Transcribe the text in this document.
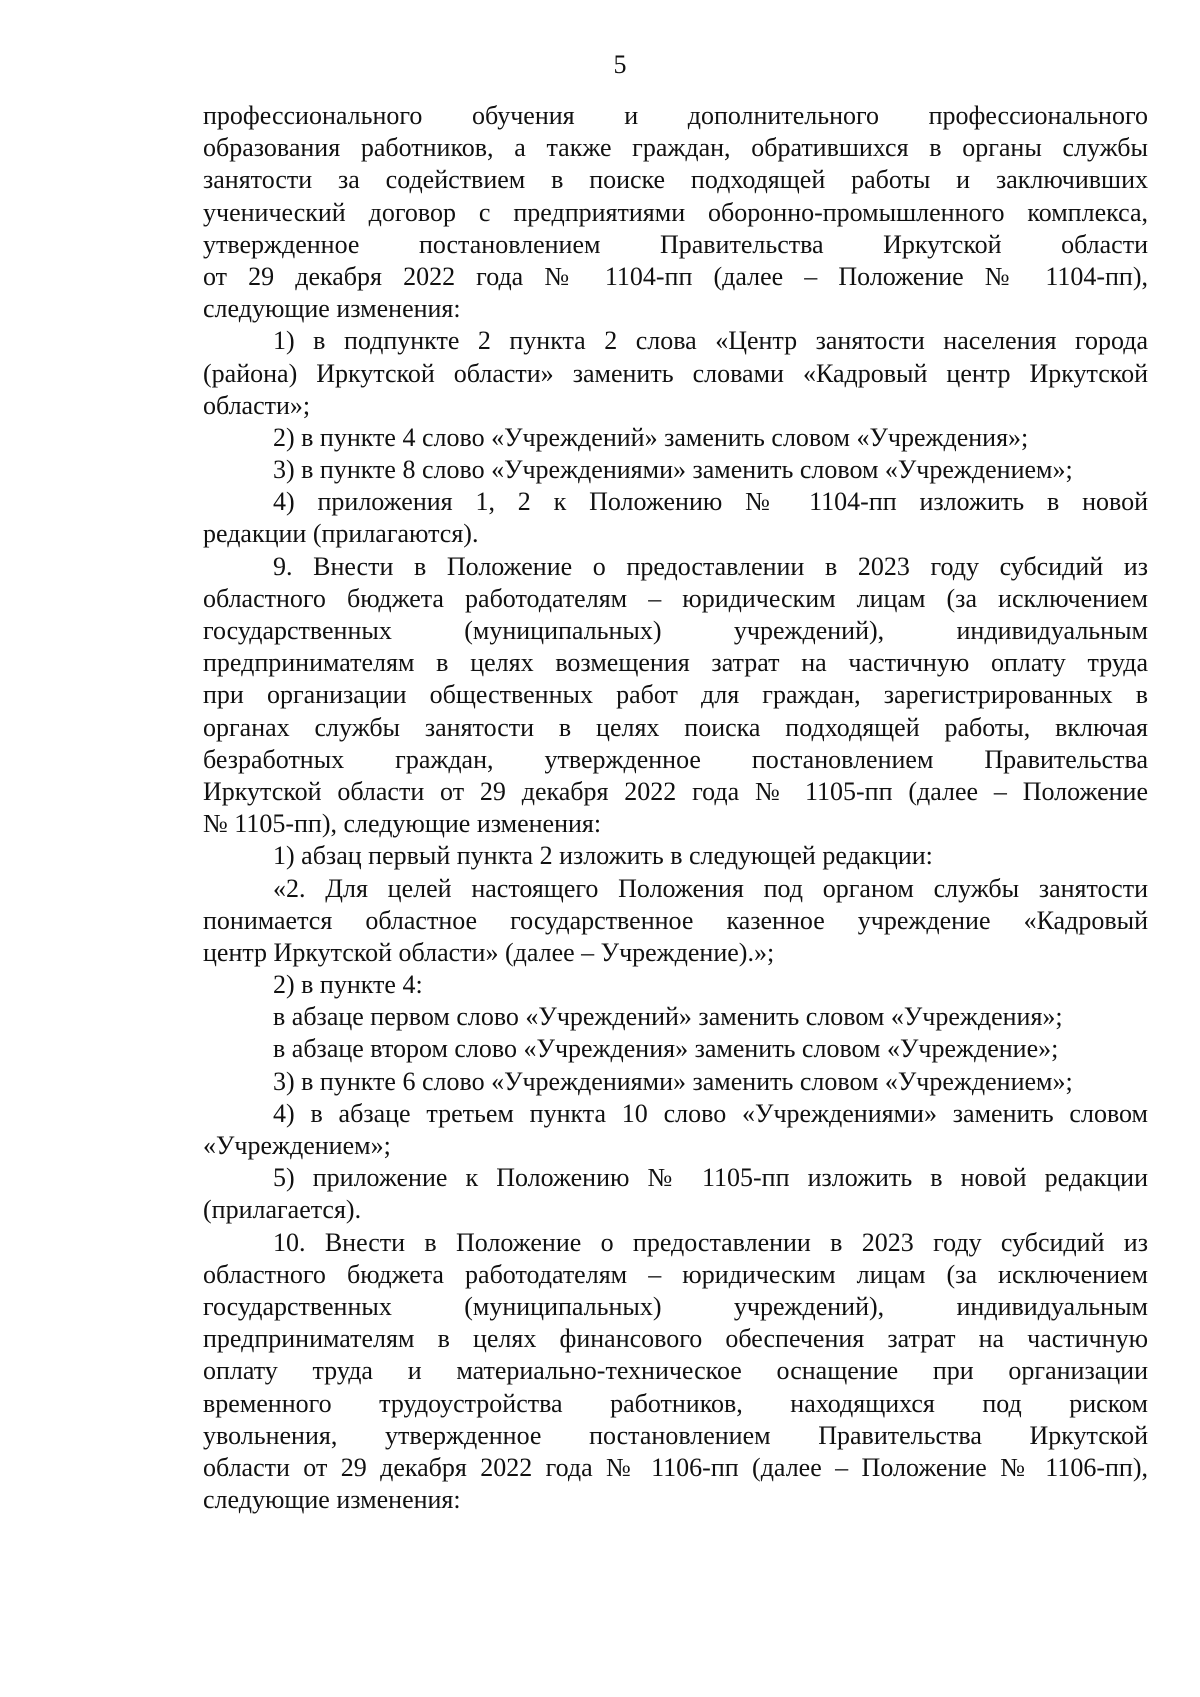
5
профессионального обучения и дополнительного профессионального
образования работников, а также граждан, обратившихся в органы службы
занятости за содействием в поиске подходящей работы и заключивших
ученический договор с предприятиями оборонно-промышленного комплекса,
утвержденное постановлением Правительства Иркутской области
от 29 декабря 2022 года № 1104-пп (далее – Положение № 1104-пп),
следующие изменения:
1) в подпункте 2 пункта 2 слова «Центр занятости населения города
(района) Иркутской области» заменить словами «Кадровый центр Иркутской
области»;
2) в пункте 4 слово «Учреждений» заменить словом «Учреждения»;
3) в пункте 8 слово «Учреждениями» заменить словом «Учреждением»;
4) приложения 1, 2 к Положению № 1104-пп изложить в новой
редакции (прилагаются).
9. Внести в Положение о предоставлении в 2023 году субсидий из
областного бюджета работодателям – юридическим лицам (за исключением
государственных (муниципальных) учреждений), индивидуальным
предпринимателям в целях возмещения затрат на частичную оплату труда
при организации общественных работ для граждан, зарегистрированных в
органах службы занятости в целях поиска подходящей работы, включая
безработных граждан, утвержденное постановлением Правительства
Иркутской области от 29 декабря 2022 года № 1105-пп (далее – Положение
№ 1105-пп), следующие изменения:
1) абзац первый пункта 2 изложить в следующей редакции:
«2. Для целей настоящего Положения под органом службы занятости
понимается областное государственное казенное учреждение «Кадровый
центр Иркутской области» (далее – Учреждение).»;
2) в пункте 4:
в абзаце первом слово «Учреждений» заменить словом «Учреждения»;
в абзаце втором слово «Учреждения» заменить словом «Учреждение»;
3) в пункте 6 слово «Учреждениями» заменить словом «Учреждением»;
4) в абзаце третьем пункта 10 слово «Учреждениями» заменить словом
«Учреждением»;
5) приложение к Положению № 1105-пп изложить в новой редакции
(прилагается).
10. Внести в Положение о предоставлении в 2023 году субсидий из
областного бюджета работодателям – юридическим лицам (за исключением
государственных (муниципальных) учреждений), индивидуальным
предпринимателям в целях финансового обеспечения затрат на частичную
оплату труда и материально-техническое оснащение при организации
временного трудоустройства работников, находящихся под риском
увольнения, утвержденное постановлением Правительства Иркутской
области от 29 декабря 2022 года № 1106-пп (далее – Положение № 1106-пп),
следующие изменения:
